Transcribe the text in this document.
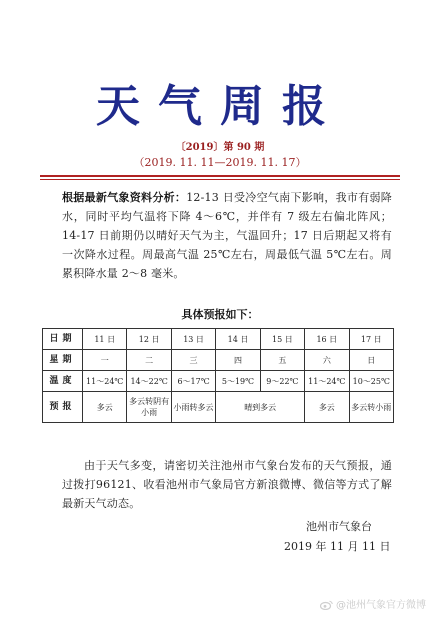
天气周报
〔2019〕第 90 期
（2019. 11. 11—2019. 11. 17）
根据最新气象资料分析：12-13 日受冷空气南下影响，我市有弱降水，同时平均气温将下降 4～6℃，并伴有 7 级左右偏北阵风；14-17 日前期仍以晴好天气为主，气温回升；17 日后期起又将有一次降水过程。周最高气温 25℃左右，周最低气温 5℃左右。周累积降水量 2～8 毫米。
具体预报如下：
日期	11 日	12 日	13 日	14 日	15 日	16 日	17 日
星期	一	二	三	四	五	六	日
温度	11～24℃	14～22℃	6～17℃	5～19℃	9～22℃	11～24℃	10～25℃
预报	多云	多云转阴有小雨	小雨转多云	晴到多云		多云	多云转小雨
由于天气多变，请密切关注池州市气象台发布的天气预报，通过拨打96121、收看池州市气象局官方新浪微博、微信等方式了解最新天气动态。
池州市气象台
2019 年 11 月 11 日
@池州气象官方微博
